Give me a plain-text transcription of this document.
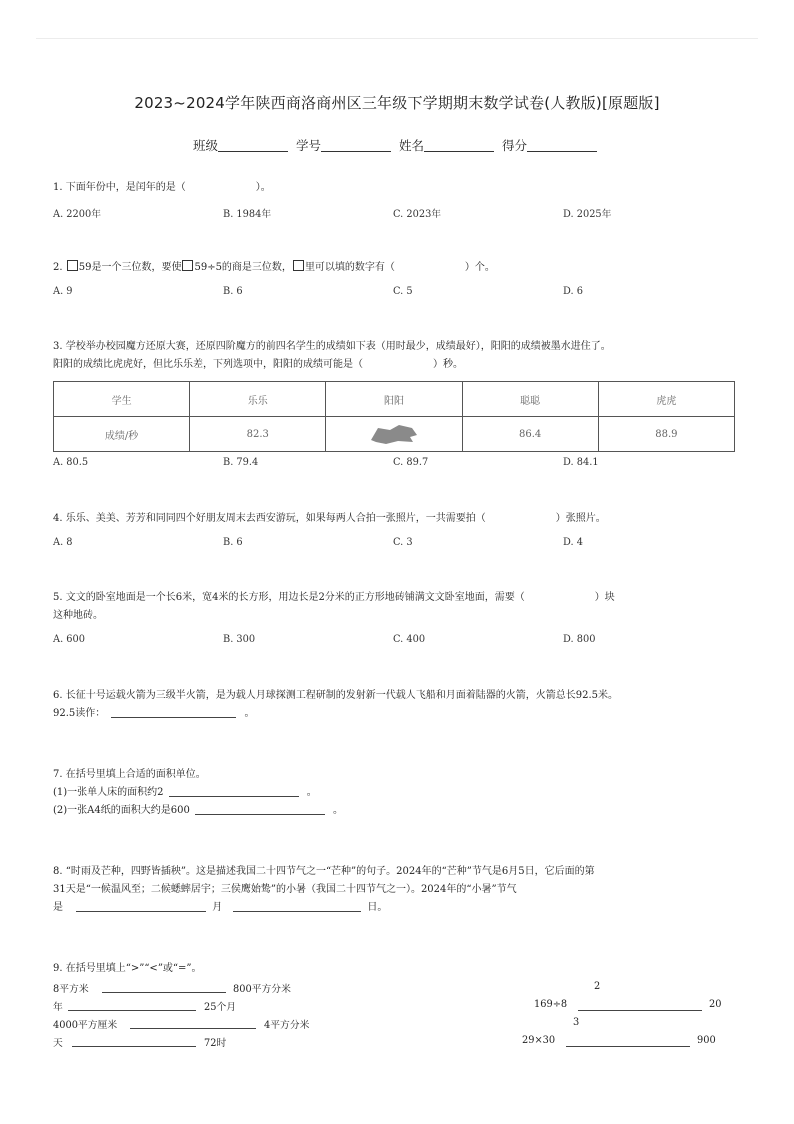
2023~2024学年陕西商洛商州区三年级下学期期末数学试卷(人教版)[原题版]
班级	学号	姓名	得分
1. 下面年份中，是闰年的是（　　　　　　　）。
A. 2200年	B. 1984年	C. 2023年	D. 2025年
2. 59是一个三位数，要使 59÷5的商是三位数， 里可以填的数字有（　　　　　　　）个。
A. 9	B. 6	C. 5	D. 6
3. 学校举办校园魔方还原大赛，还原四阶魔方的前四名学生的成绩如下表（用时最少，成绩最好），阳阳的成绩被墨水进住了。
阳阳的成绩比虎虎好，但比乐乐差，下列选项中，阳阳的成绩可能是（　　　　　　　）秒。
学生	乐乐	阳阳	聪聪	虎虎
成绩/秒	82.3		86.4	88.9
A. 80.5	B. 79.4	C. 89.7	D. 84.1
4. 乐乐、美美、芳芳和同同四个好朋友周末去西安游玩，如果每两人合拍一张照片，一共需要拍（　　　　　　　）张照片。
A. 8	B. 6	C. 3	D. 4
5. 文文的卧室地面是一个长6米，宽4米的长方形，用边长是2分米的正方形地砖铺满文文卧室地面，需要（　　　　　　　）块
这种地砖。
A. 600	B. 300	C. 400	D. 800
6. 长征十号运载火箭为三级半火箭，是为载人月球探测工程研制的发射新一代载人飞船和月面着陆器的火箭，火箭总长92.5米。
92.5读作：	。
7. 在括号里填上合适的面积单位。
(1)一张单人床的面积约2	。
(2)一张A4纸的面积大约是600	。
8. “时雨及芒种，四野皆插秧”。这是描述我国二十四节气之一“芒种”的句子。2024年的“芒种”节气是6月5日，它后面的第
31天是“一候温风至；二候蟋蟀居宇；三侯鹰始鸷”的小暑（我国二十四节气之一）。2024年的“小暑”节气
是	月	日。
9. 在括号里填上“>”“<”或“=”。
8平方米	800平方分米	2
年	25个月	169÷8	20
4000平方厘米	4平方分米	3
天	72时	29×30	900
